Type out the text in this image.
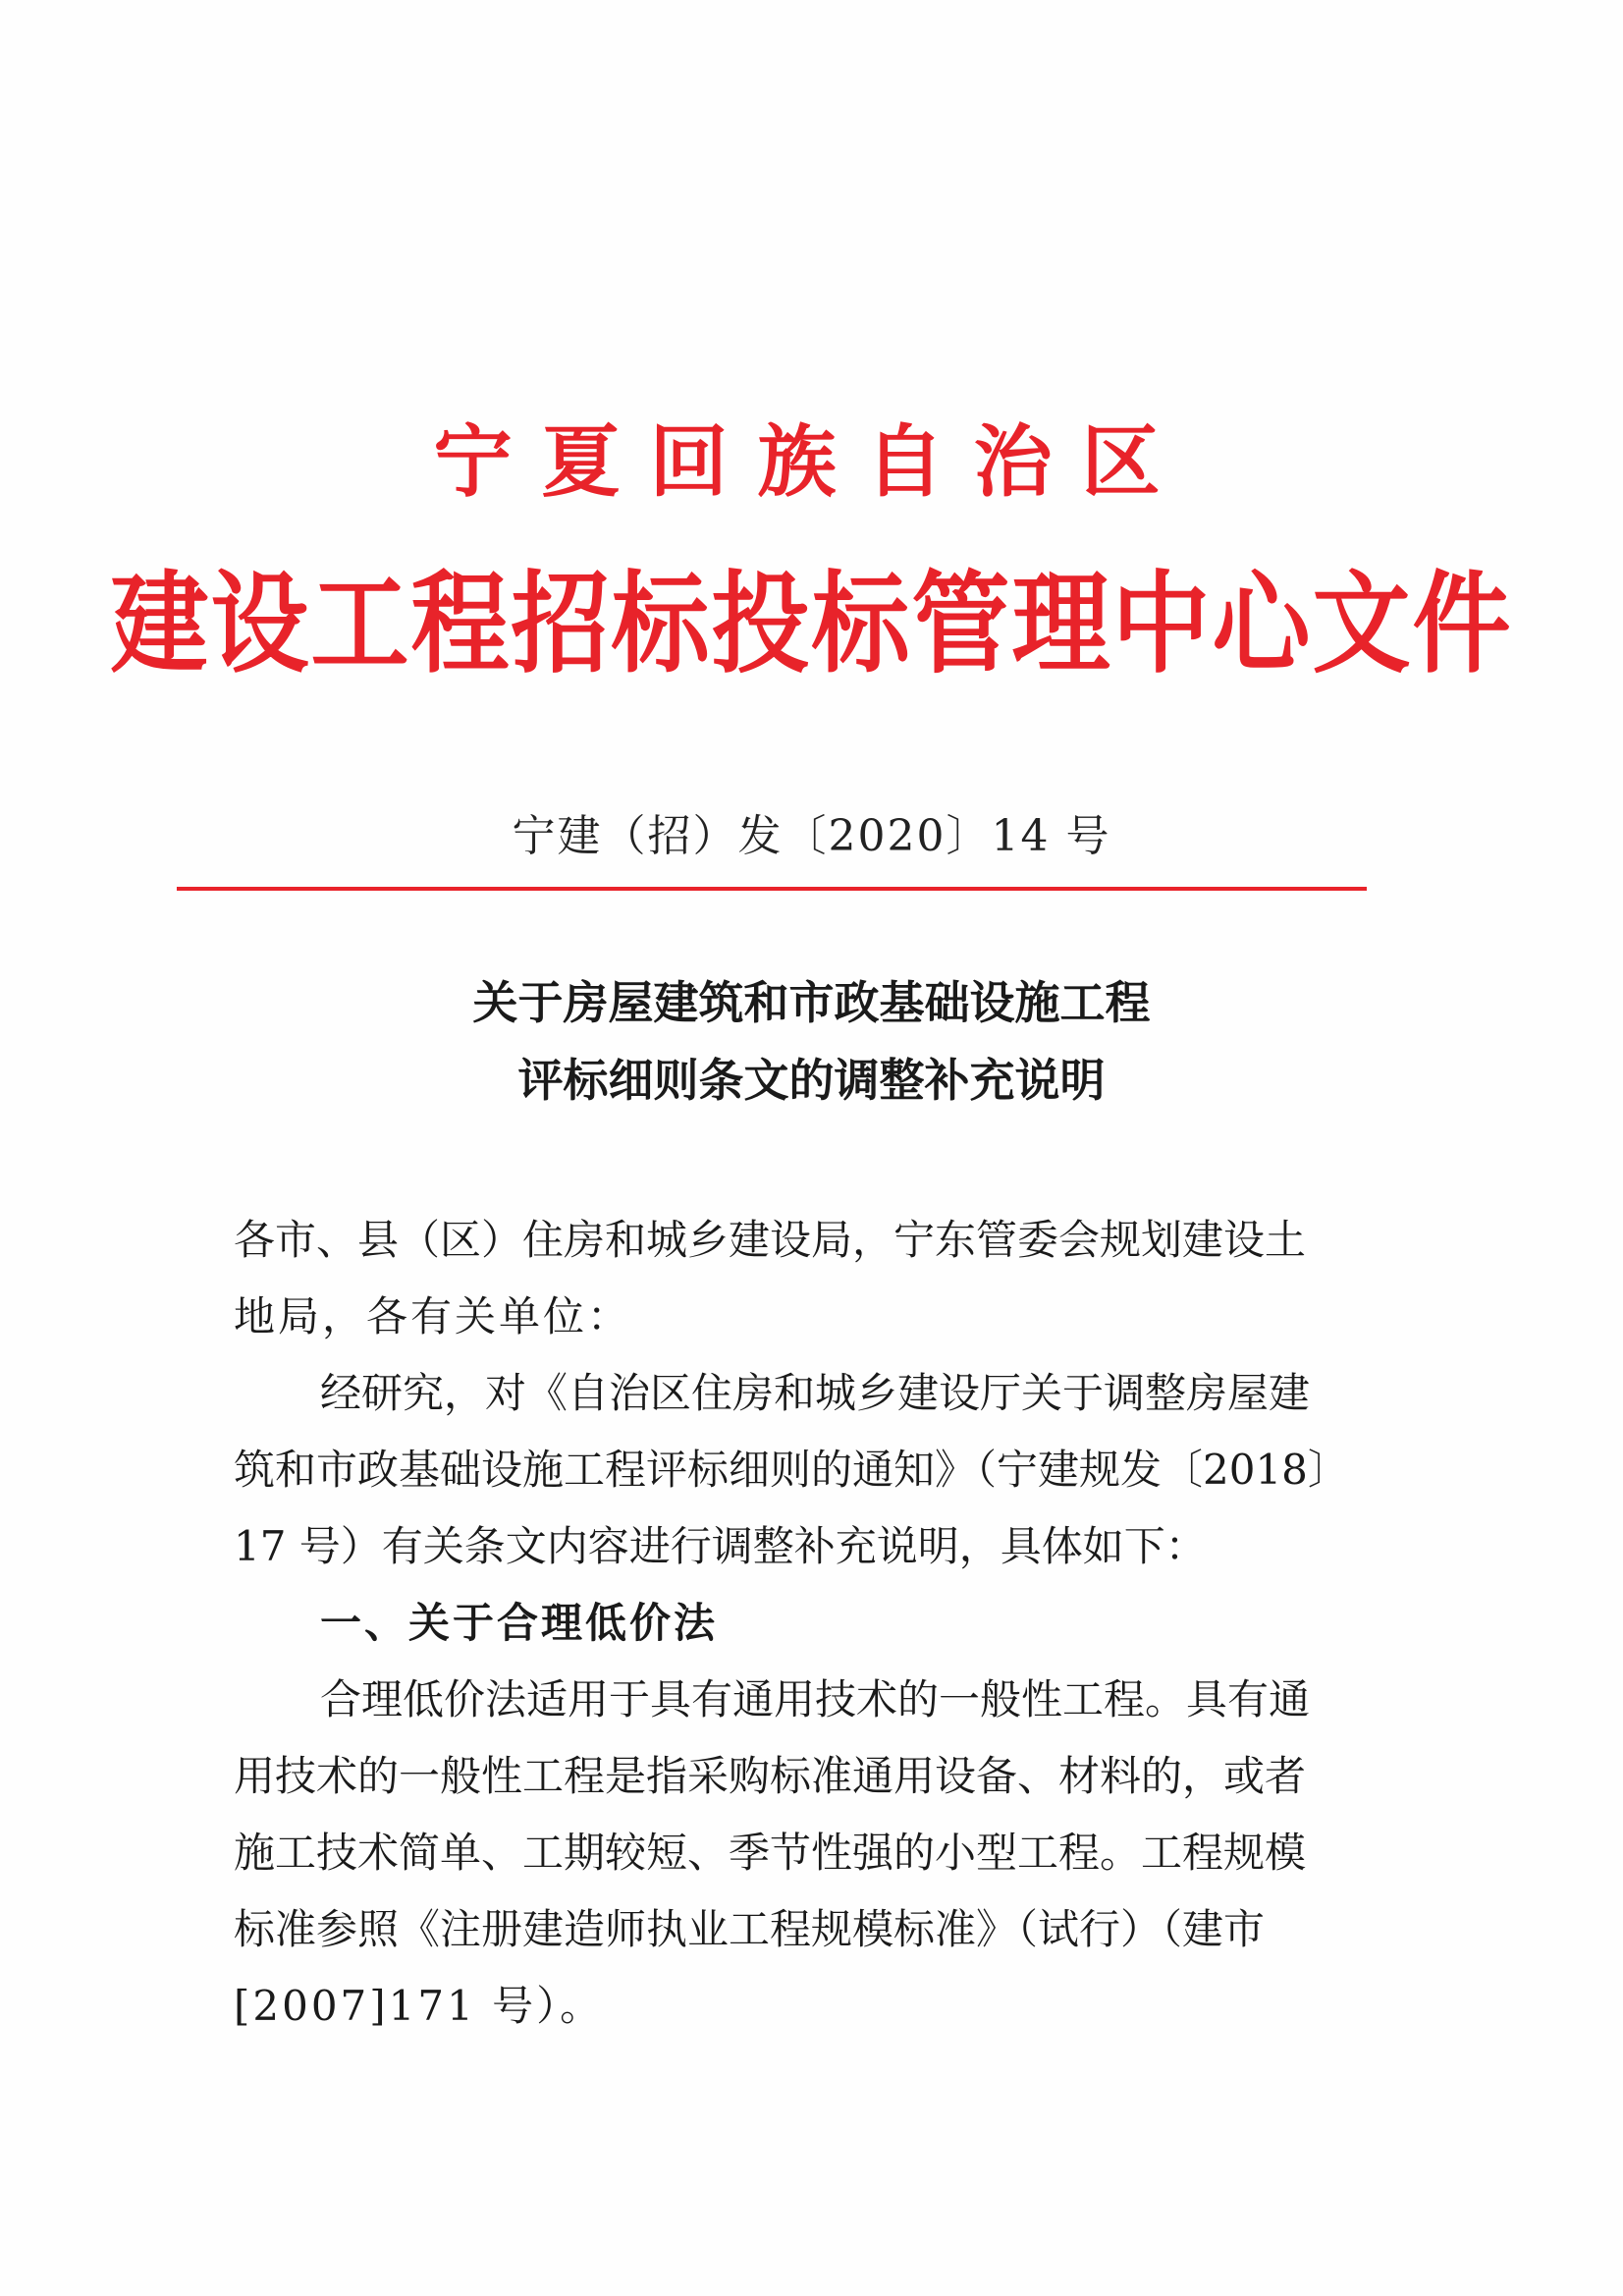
宁夏回族自治区
建设工程招标投标管理中心文件
宁建（招）发〔2020〕14 号
关于房屋建筑和市政基础设施工程
评标细则条文的调整补充说明
各市、县（区）住房和城乡建设局，宁东管委会规划建设土
地局，各有关单位：
经研究，对《自治区住房和城乡建设厅关于调整房屋建
筑和市政基础设施工程评标细则的通知》（宁建规发〔2018〕
17 号）有关条文内容进行调整补充说明，具体如下：
一、关于合理低价法
合理低价法适用于具有通用技术的一般性工程。具有通
用技术的一般性工程是指采购标准通用设备、材料的，或者
施工技术简单、工期较短、季节性强的小型工程。工程规模
标准参照《注册建造师执业工程规模标准》（试行）（建市
[2007]171 号）。
